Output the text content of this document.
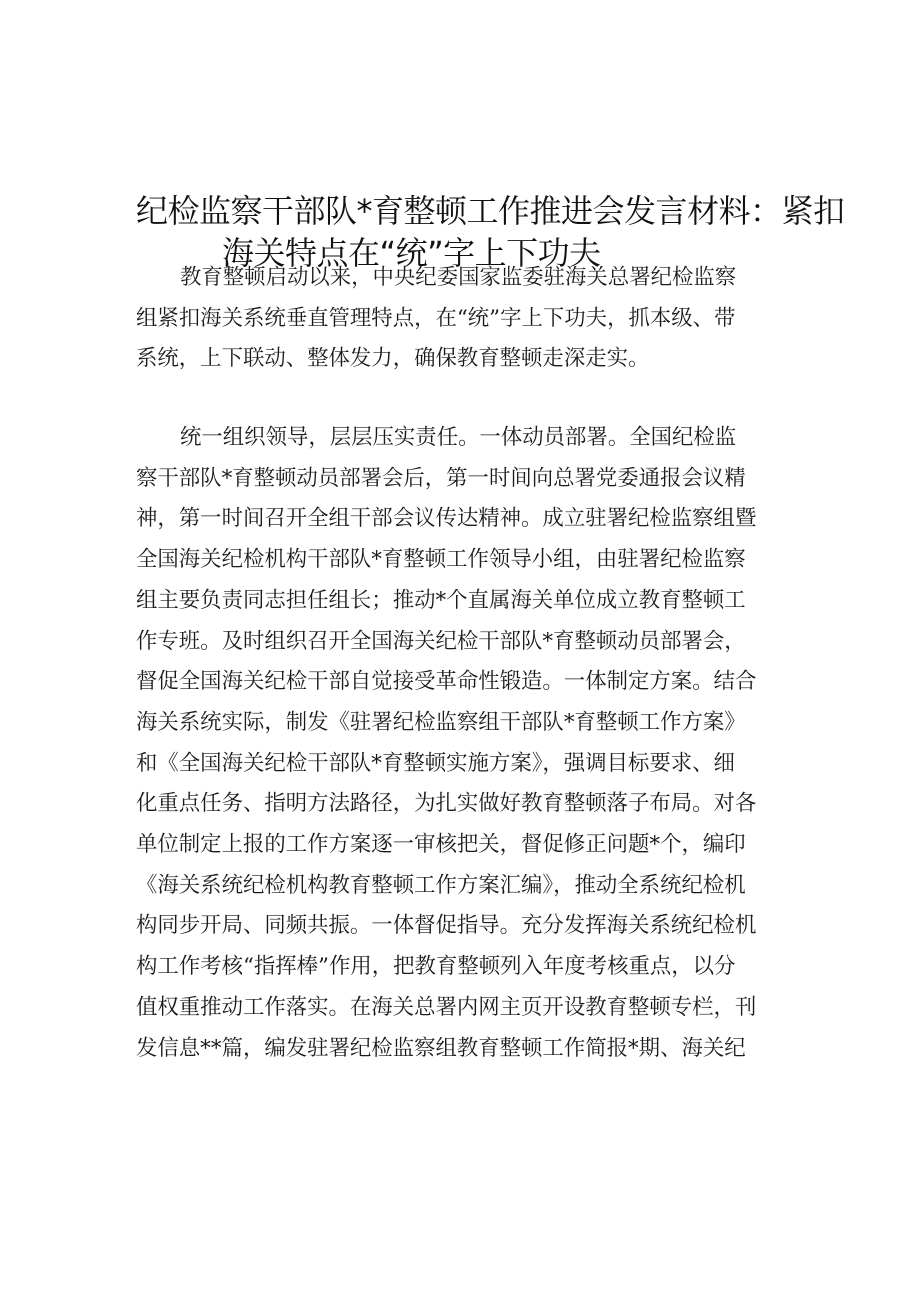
纪检监察干部队*育整顿工作推进会发言材料：紧扣
海关特点在“统”字上下功夫
教育整顿启动以来，中央纪委国家监委驻海关总署纪检监察
组紧扣海关系统垂直管理特点，在“统”字上下功夫，抓本级、带
系统，上下联动、整体发力，确保教育整顿走深走实。
统一组织领导，层层压实责任。一体动员部署。全国纪检监
察干部队*育整顿动员部署会后，第一时间向总署党委通报会议精
神，第一时间召开全组干部会议传达精神。成立驻署纪检监察组暨
全国海关纪检机构干部队*育整顿工作领导小组，由驻署纪检监察
组主要负责同志担任组长；推动*个直属海关单位成立教育整顿工
作专班。及时组织召开全国海关纪检干部队*育整顿动员部署会，
督促全国海关纪检干部自觉接受革命性锻造。一体制定方案。结合
海关系统实际，制发《驻署纪检监察组干部队*育整顿工作方案》
和《全国海关纪检干部队*育整顿实施方案》，强调目标要求、细
化重点任务、指明方法路径，为扎实做好教育整顿落子布局。对各
单位制定上报的工作方案逐一审核把关，督促修正问题*个，编印
《海关系统纪检机构教育整顿工作方案汇编》，推动全系统纪检机
构同步开局、同频共振。一体督促指导。充分发挥海关系统纪检机
构工作考核“指挥棒”作用，把教育整顿列入年度考核重点，以分
值权重推动工作落实。在海关总署内网主页开设教育整顿专栏，刊
发信息**篇，编发驻署纪检监察组教育整顿工作简报*期、海关纪
